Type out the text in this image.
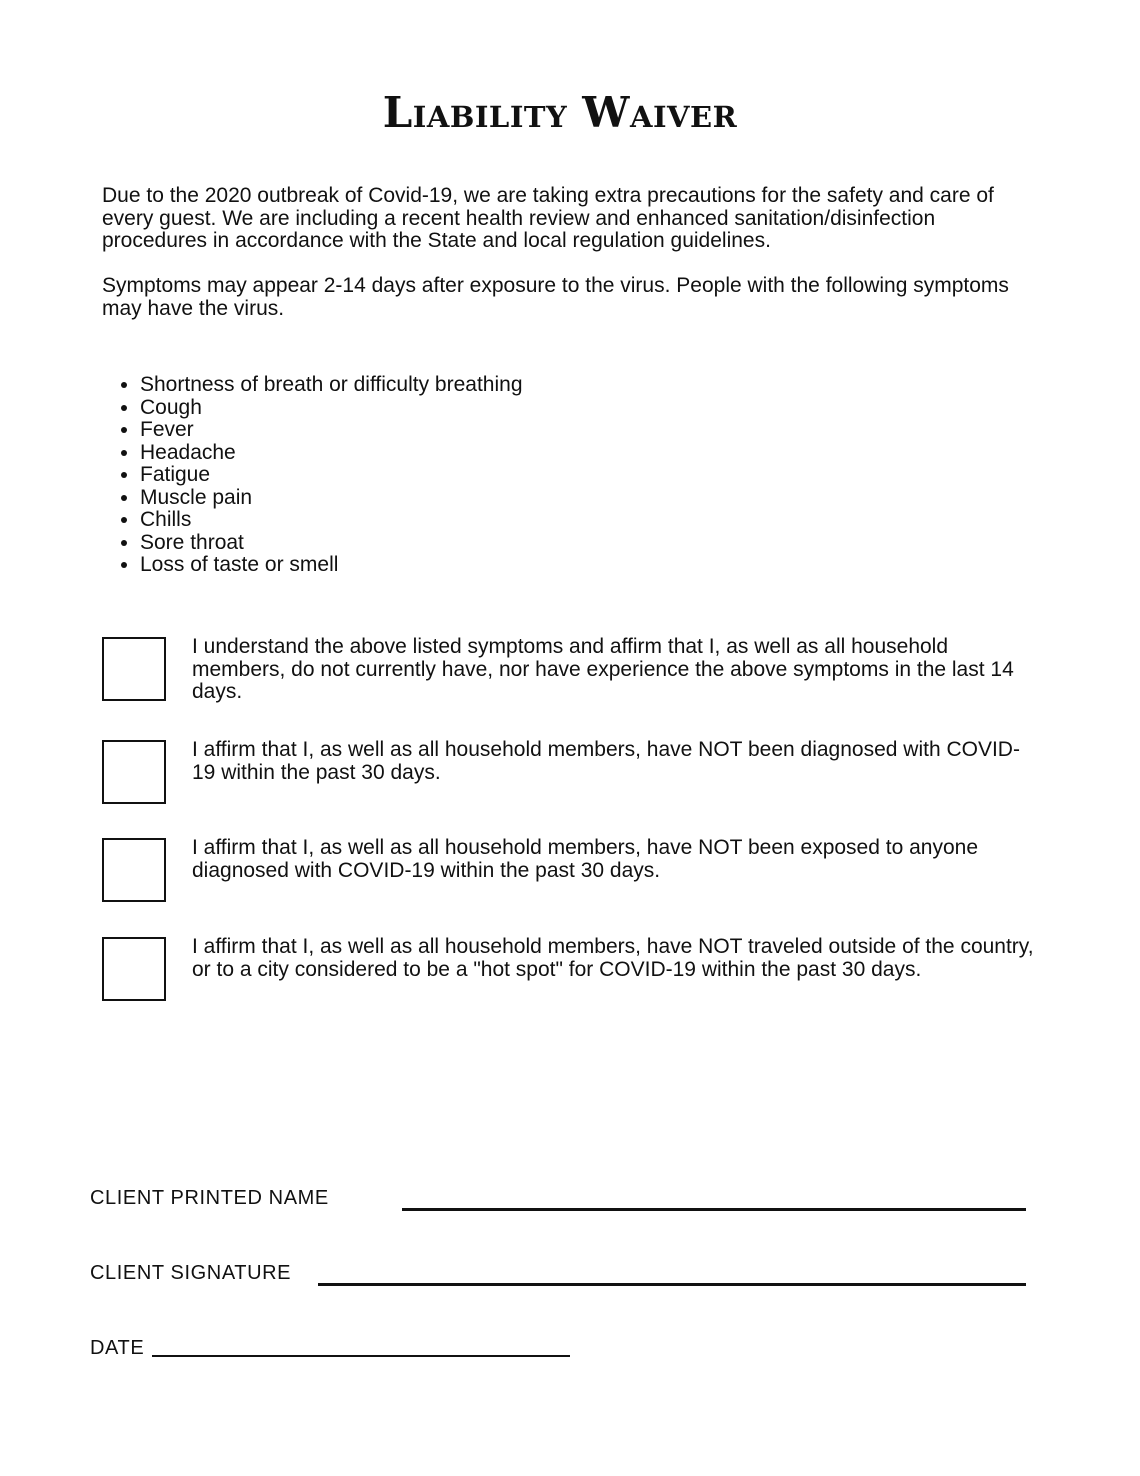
Liability Waiver

Due to the 2020 outbreak of Covid-19, we are taking extra precautions for the safety and care of every guest. We are including a recent health review and enhanced sanitation/disinfection procedures in accordance with the State and local regulation guidelines.

Symptoms may appear 2-14 days after exposure to the virus. People with the following symptoms may have the virus.

• Shortness of breath or difficulty breathing
• Cough
• Fever
• Headache
• Fatigue
• Muscle pain
• Chills
• Sore throat
• Loss of taste or smell

I understand the above listed symptoms and affirm that I, as well as all household members, do not currently have, nor have experience the above symptoms in the last 14 days.

I affirm that I, as well as all household members, have NOT been diagnosed with COVID-19 within the past 30 days.

I affirm that I, as well as all household members, have NOT been exposed to anyone diagnosed with COVID-19 within the past 30 days.

I affirm that I, as well as all household members, have NOT traveled outside of the country, or to a city considered to be a "hot spot" for COVID-19 within the past 30 days.

CLIENT PRINTED NAME
CLIENT SIGNATURE
DATE
